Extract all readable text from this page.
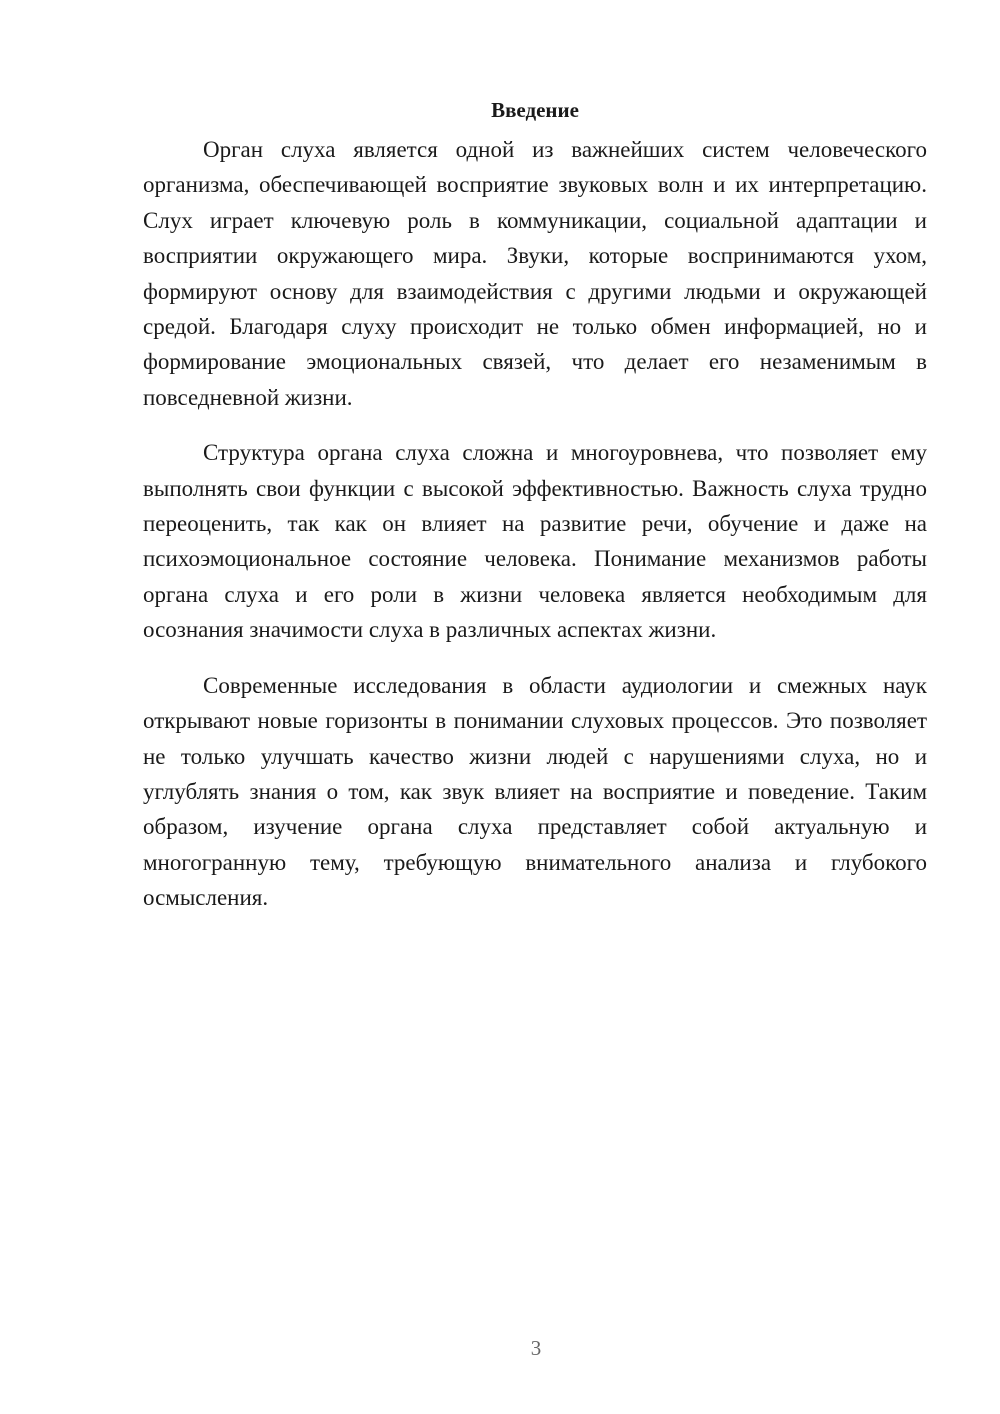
Введение

Орган слуха является одной из важнейших систем человеческого организма, обеспечивающей восприятие звуковых волн и их интерпретацию. Слух играет ключевую роль в коммуникации, социальной адаптации и восприятии окружающего мира. Звуки, которые воспринимаются ухом, формируют основу для взаимодействия с другими людьми и окружающей средой. Благодаря слуху происходит не только обмен информацией, но и формирование эмоциональных связей, что делает его незаменимым в повседневной жизни.

Структура органа слуха сложна и многоуровнева, что позволяет ему выполнять свои функции с высокой эффективностью. Важность слуха трудно переоценить, так как он влияет на развитие речи, обучение и даже на психоэмоциональное состояние человека. Понимание механизмов работы органа слуха и его роли в жизни человека является необходимым для осознания значимости слуха в различных аспектах жизни.

Современные исследования в области аудиологии и смежных наук открывают новые горизонты в понимании слуховых процессов. Это позволяет не только улучшать качество жизни людей с нарушениями слуха, но и углублять знания о том, как звук влияет на восприятие и поведение. Таким образом, изучение органа слуха представляет собой актуальную и многогранную тему, требующую внимательного анализа и глубокого осмысления.

3
